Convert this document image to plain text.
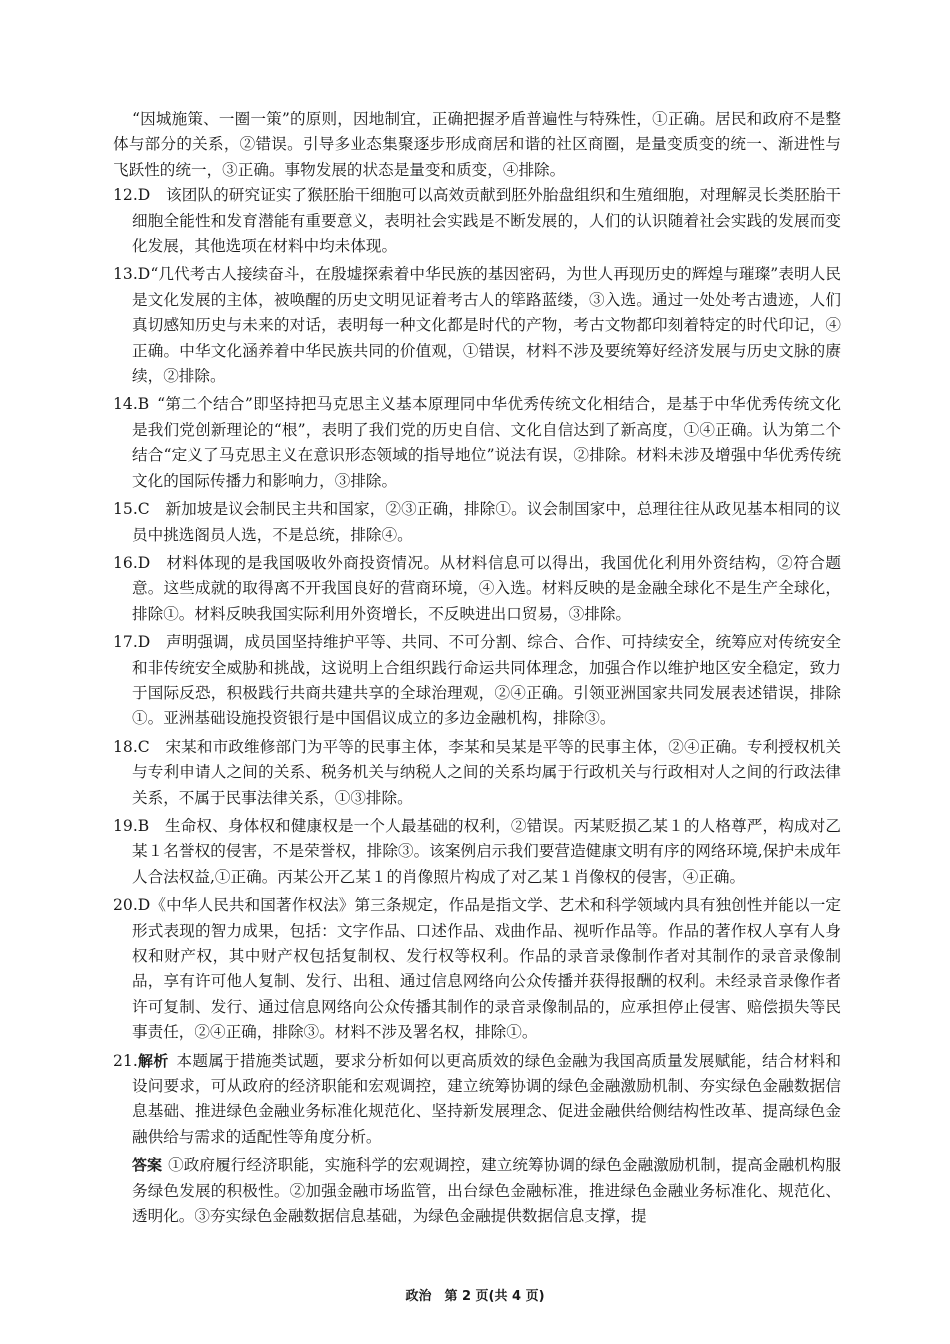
“因城施策、一圈一策”的原则，因地制宜，正确把握矛盾普遍性与特殊性，①正确。居民和政府不是整体与部分的关系，②错误。引导多业态集聚逐步形成商居和谐的社区商圈，是量变质变的统一、渐进性与飞跃性的统一，③正确。事物发展的状态是量变和质变，④排除。

12.D  该团队的研究证实了猴胚胎干细胞可以高效贡献到胚外胎盘组织和生殖细胞，对理解灵长类胚胎干细胞全能性和发育潜能有重要意义，表明社会实践是不断发展的，人们的认识随着社会实践的发展而变化发展，其他选项在材料中均未体现。

13.D“几代考古人接续奋斗，在殷墟探索着中华民族的基因密码，为世人再现历史的辉煌与璀璨”表明人民是文化发展的主体，被唤醒的历史文明见证着考古人的筚路蓝缕，③入选。通过一处处考古遗迹，人们真切感知历史与未来的对话，表明每一种文化都是时代的产物，考古文物都印刻着特定的时代印记，④正确。中华文化涵养着中华民族共同的价值观，①错误，材料不涉及要统筹好经济发展与历史文脉的赓续，②排除。

14.B  “第二个结合”即坚持把马克思主义基本原理同中华优秀传统文化相结合，是基于中华优秀传统文化是我们党创新理论的“根”，表明了我们党的历史自信、文化自信达到了新高度，①④正确。认为第二个结合“定义了马克思主义在意识形态领域的指导地位”说法有误，②排除。材料未涉及增强中华优秀传统文化的国际传播力和影响力，③排除。

15.C  新加坡是议会制民主共和国家，②③正确，排除①。议会制国家中，总理往往从政见基本相同的议员中挑选阁员人选，不是总统，排除④。

16.D  材料体现的是我国吸收外商投资情况。从材料信息可以得出，我国优化利用外资结构，②符合题意。这些成就的取得离不开我国良好的营商环境，④入选。材料反映的是金融全球化不是生产全球化，排除①。材料反映我国实际利用外资增长，不反映进出口贸易，③排除。

17.D  声明强调，成员国坚持维护平等、共同、不可分割、综合、合作、可持续安全，统筹应对传统安全和非传统安全威胁和挑战，这说明上合组织践行命运共同体理念，加强合作以维护地区安全稳定，致力于国际反恐，积极践行共商共建共享的全球治理观，②④正确。引领亚洲国家共同发展表述错误，排除①。亚洲基础设施投资银行是中国倡议成立的多边金融机构，排除③。

18.C  宋某和市政维修部门为平等的民事主体，李某和吴某是平等的民事主体，②④正确。专利授权机关与专利申请人之间的关系、税务机关与纳税人之间的关系均属于行政机关与行政相对人之间的行政法律关系，不属于民事法律关系，①③排除。

19.B  生命权、身体权和健康权是一个人最基础的权利，②错误。丙某贬损乙某１的人格尊严，构成对乙某１名誉权的侵害，不是荣誉权，排除③。该案例启示我们要营造健康文明有序的网络环境,保护未成年人合法权益,①正确。丙某公开乙某１的肖像照片构成了对乙某１肖像权的侵害，④正确。

20.D《中华人民共和国著作权法》第三条规定，作品是指文学、艺术和科学领域内具有独创性并能以一定形式表现的智力成果，包括：文字作品、口述作品、戏曲作品、视听作品等。作品的著作权人享有人身权和财产权，其中财产权包括复制权、发行权等权利。作品的录音录像制作者对其制作的录音录像制品，享有许可他人复制、发行、出租、通过信息网络向公众传播并获得报酬的权利。未经录音录像作者许可复制、发行、通过信息网络向公众传播其制作的录音录像制品的，应承担停止侵害、赔偿损失等民事责任，②④正确，排除③。材料不涉及署名权，排除①。

21.解析  本题属于措施类试题，要求分析如何以更高质效的绿色金融为我国高质量发展赋能，结合材料和设问要求，可从政府的经济职能和宏观调控，建立统筹协调的绿色金融激励机制、夯实绿色金融数据信息基础、推进绿色金融业务标准化规范化、坚持新发展理念、促进金融供给侧结构性改革、提高绿色金融供给与需求的适配性等角度分析。

答案 ①政府履行经济职能，实施科学的宏观调控，建立统筹协调的绿色金融激励机制，提高金融机构服务绿色发展的积极性。②加强金融市场监管，出台绿色金融标准，推进绿色金融业务标准化、规范化、透明化。③夯实绿色金融数据信息基础，为绿色金融提供数据信息支撑，提

政治　第 2 页(共 4 页)
